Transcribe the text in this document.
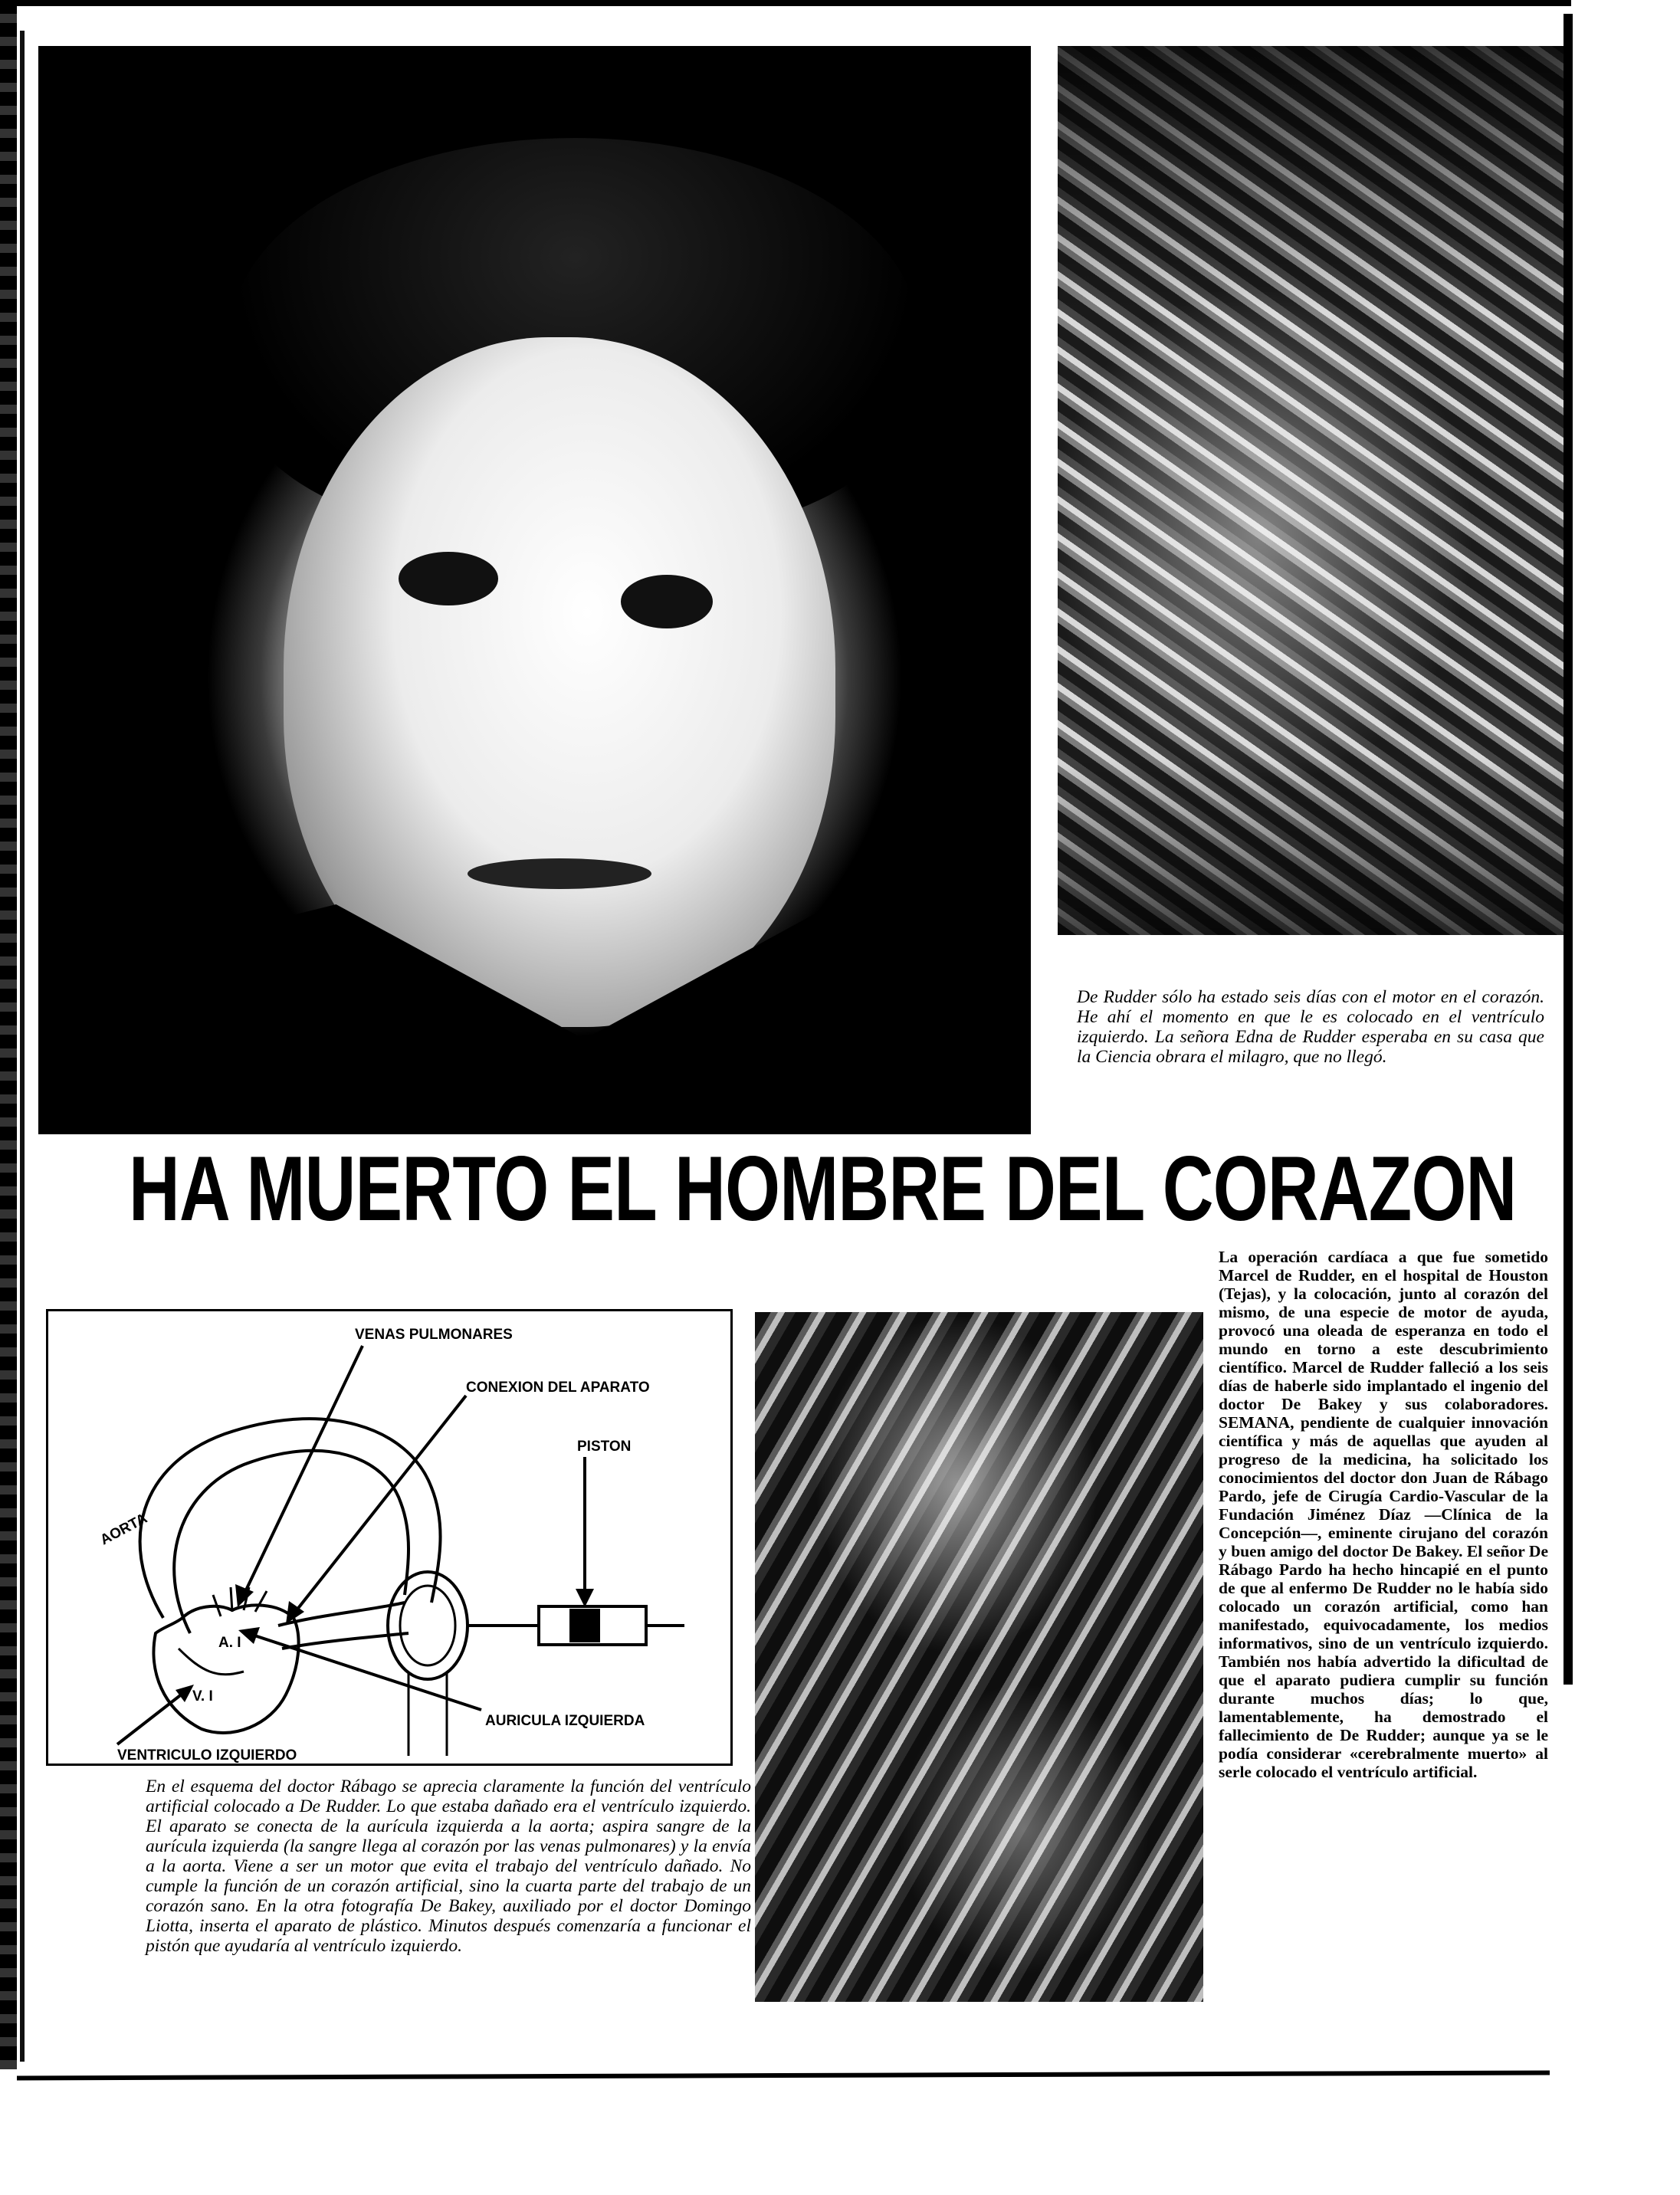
De Rudder sólo ha estado seis días con el motor en el corazón. He ahí el momento en que le es colocado en el ventrículo izquierdo. La señora Edna de Rudder esperaba en su casa que la Ciencia obrara el milagro, que no llegó.
HA MUERTO EL HOMBRE DEL CORAZON
VENAS PULMONARES
CONEXION DEL APARATO
PISTON
AORTA
A. I
V. I
AURICULA IZQUIERDA
VENTRICULO IZQUIERDO
En el esquema del doctor Rábago se aprecia claramente la función del ventrículo artificial colocado a De Rudder. Lo que estaba dañado era el ventrículo izquierdo. El aparato se conecta de la aurícula izquierda a la aorta; aspira sangre de la aurícula izquierda (la sangre llega al corazón por las venas pulmonares) y la envía a la aorta. Viene a ser un motor que evita el trabajo del ventrículo dañado. No cumple la función de un corazón artificial, sino la cuarta parte del trabajo de un corazón sano. En la otra fotografía De Bakey, auxiliado por el doctor Domingo Liotta, inserta el aparato de plástico. Minutos después comenzaría a funcionar el pistón que ayudaría al ventrículo izquierdo.
La operación cardíaca a que fue sometido Marcel de Rudder, en el hospital de Houston (Tejas), y la colocación, junto al corazón del mismo, de una especie de motor de ayuda, provocó una oleada de esperanza en todo el mundo en torno a este descubrimiento científico. Marcel de Rudder falleció a los seis días de haberle sido implantado el ingenio del doctor De Bakey y sus colaboradores. SEMANA, pendiente de cualquier innovación científica y más de aquellas que ayuden al progreso de la medicina, ha solicitado los conocimientos del doctor don Juan de Rábago Pardo, jefe de Cirugía Cardio-Vascular de la Fundación Jiménez Díaz —Clínica de la Concepción—, eminente cirujano del corazón y buen amigo del doctor De Bakey. El señor De Rábago Pardo ha hecho hincapié en el punto de que al enfermo De Rudder no le había sido colocado un corazón artificial, como han manifestado, equivocadamente, los medios informativos, sino de un ventrículo izquierdo. También nos había advertido la dificultad de que el aparato pudiera cumplir su función durante muchos días; lo que, lamentablemente, ha demostrado el fallecimiento de De Rudder; aunque ya se le podía considerar «cerebralmente muerto» al serle colocado el ventrículo artificial.
